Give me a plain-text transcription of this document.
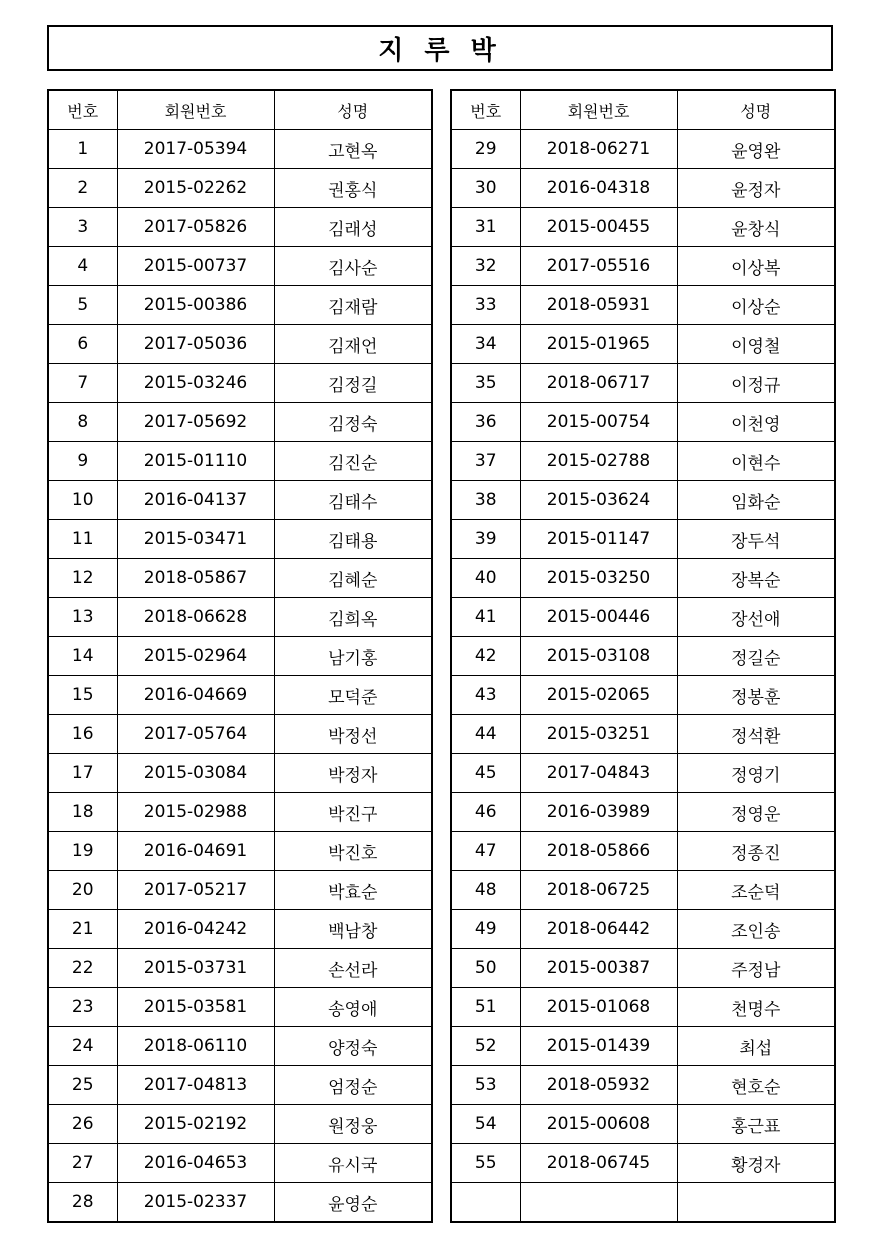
지 루 박
번호	회원번호	성명
1	2017-05394	고현옥
2	2015-02262	권홍식
3	2017-05826	김래성
4	2015-00737	김사순
5	2015-00386	김재람
6	2017-05036	김재언
7	2015-03246	김정길
8	2017-05692	김정숙
9	2015-01110	김진순
10	2016-04137	김태수
11	2015-03471	김태용
12	2018-05867	김혜순
13	2018-06628	김희옥
14	2015-02964	남기홍
15	2016-04669	모덕준
16	2017-05764	박정선
17	2015-03084	박정자
18	2015-02988	박진구
19	2016-04691	박진호
20	2017-05217	박효순
21	2016-04242	백남창
22	2015-03731	손선라
23	2015-03581	송영애
24	2018-06110	양정숙
25	2017-04813	엄정순
26	2015-02192	원정웅
27	2016-04653	유시국
28	2015-02337	윤영순
번호	회원번호	성명
29	2018-06271	윤영완
30	2016-04318	윤정자
31	2015-00455	윤창식
32	2017-05516	이상복
33	2018-05931	이상순
34	2015-01965	이영철
35	2018-06717	이정규
36	2015-00754	이천영
37	2015-02788	이현수
38	2015-03624	임화순
39	2015-01147	장두석
40	2015-03250	장복순
41	2015-00446	장선애
42	2015-03108	정길순
43	2015-02065	정봉훈
44	2015-03251	정석환
45	2017-04843	정영기
46	2016-03989	정영운
47	2018-05866	정종진
48	2018-06725	조순덕
49	2018-06442	조인송
50	2015-00387	주정남
51	2015-01068	천명수
52	2015-01439	최섭
53	2018-05932	현호순
54	2015-00608	홍근표
55	2018-06745	황경자
